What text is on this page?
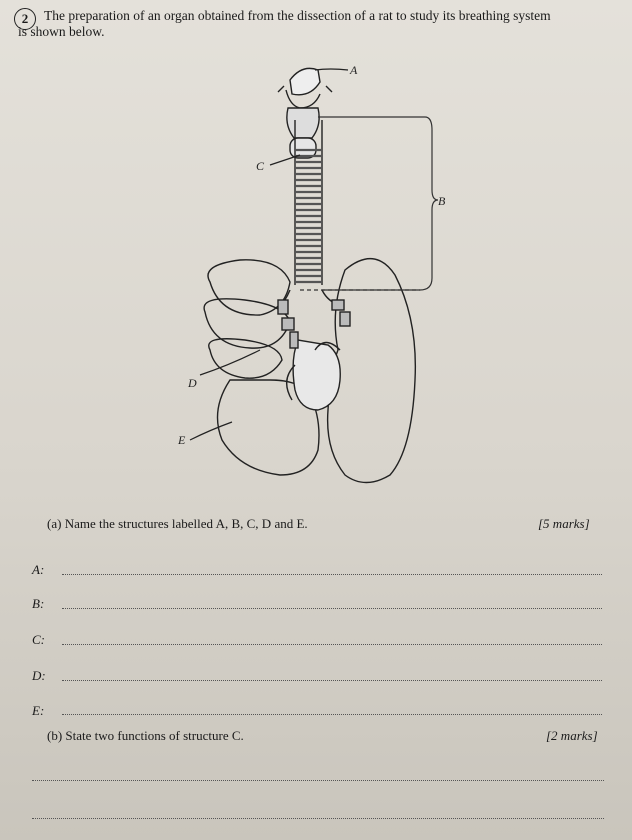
2	The preparation of an organ obtained from the dissection of a rat to study its breathing system
is shown below.
A
B
C
D
E
(a) Name the structures labelled A, B, C, D and E.	[5 marks]
A:
B:
C:
D:
E:
(b) State two functions of structure C.	[2 marks]
